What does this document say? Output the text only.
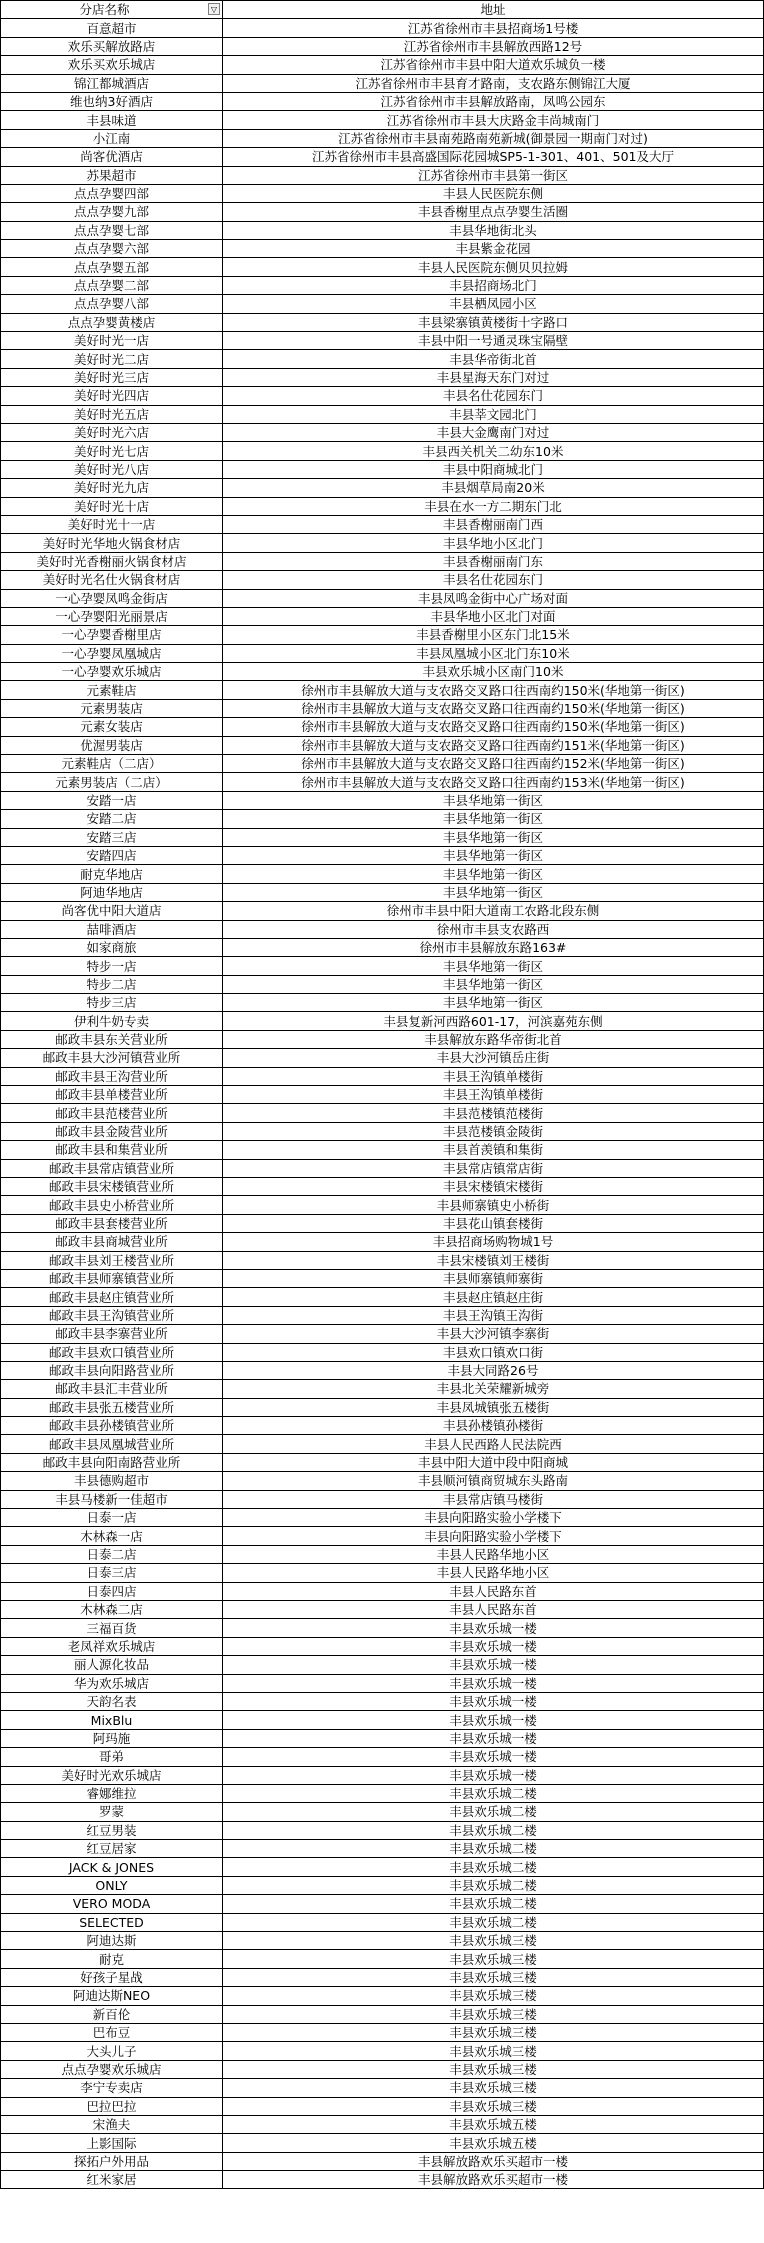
分店名称 ▽	地址
百意超市	江苏省徐州市丰县招商场1号楼
欢乐买解放路店	江苏省徐州市丰县解放西路12号
欢乐买欢乐城店	江苏省徐州市丰县中阳大道欢乐城负一楼
锦江都城酒店	江苏省徐州市丰县育才路南，支农路东侧锦江大厦
维也纳3好酒店	江苏省徐州市丰县解放路南，凤鸣公园东
丰县味道	江苏省徐州市丰县大庆路金丰尚城南门
小江南	江苏省徐州市丰县南苑路南苑新城(御景园一期南门对过)
尚客优酒店	江苏省徐州市丰县高盛国际花园城SP5-1-301、401、501及大厅
苏果超市	江苏省徐州市丰县第一街区
点点孕婴四部	丰县人民医院东侧
点点孕婴九部	丰县香榭里点点孕婴生活圈
点点孕婴七部	丰县华地街北头
点点孕婴六部	丰县紫金花园
点点孕婴五部	丰县人民医院东侧贝贝拉姆
点点孕婴二部	丰县招商场北门
点点孕婴八部	丰县栖凤园小区
点点孕婴黄楼店	丰县梁寨镇黄楼街十字路口
美好时光一店	丰县中阳一号通灵珠宝隔壁
美好时光二店	丰县华帝街北首
美好时光三店	丰县星海天东门对过
美好时光四店	丰县名仕花园东门
美好时光五店	丰县莘文园北门
美好时光六店	丰县大金鹰南门对过
美好时光七店	丰县西关机关二幼东10米
美好时光八店	丰县中阳商城北门
美好时光九店	丰县烟草局南20米
美好时光十店	丰县在水一方二期东门北
美好时光十一店	丰县香榭丽南门西
美好时光华地火锅食材店	丰县华地小区北门
美好时光香榭丽火锅食材店	丰县香榭丽南门东
美好时光名仕火锅食材店	丰县名仕花园东门
一心孕婴凤鸣金街店	丰县凤鸣金街中心广场对面
一心孕婴阳光丽景店	丰县华地小区北门对面
一心孕婴香榭里店	丰县香榭里小区东门北15米
一心孕婴凤凰城店	丰县凤凰城小区北门东10米
一心孕婴欢乐城店	丰县欢乐城小区南门10米
元素鞋店	徐州市丰县解放大道与支农路交叉路口往西南约150米(华地第一街区)
元素男装店	徐州市丰县解放大道与支农路交叉路口往西南约150米(华地第一街区)
元素女装店	徐州市丰县解放大道与支农路交叉路口往西南约150米(华地第一街区)
优渥男装店	徐州市丰县解放大道与支农路交叉路口往西南约151米(华地第一街区)
元素鞋店（二店）	徐州市丰县解放大道与支农路交叉路口往西南约152米(华地第一街区)
元素男装店（二店）	徐州市丰县解放大道与支农路交叉路口往西南约153米(华地第一街区)
安踏一店	丰县华地第一街区
安踏二店	丰县华地第一街区
安踏三店	丰县华地第一街区
安踏四店	丰县华地第一街区
耐克华地店	丰县华地第一街区
阿迪华地店	丰县华地第一街区
尚客优中阳大道店	徐州市丰县中阳大道南工农路北段东侧
喆啡酒店	徐州市丰县支农路西
如家商旅	徐州市丰县解放东路163#
特步一店	丰县华地第一街区
特步二店	丰县华地第一街区
特步三店	丰县华地第一街区
伊利牛奶专卖	丰县复新河西路601-17，河滨嘉苑东侧
邮政丰县东关营业所	丰县解放东路华帝街北首
邮政丰县大沙河镇营业所	丰县大沙河镇岳庄街
邮政丰县王沟营业所	丰县王沟镇单楼街
邮政丰县单楼营业所	丰县王沟镇单楼街
邮政丰县范楼营业所	丰县范楼镇范楼街
邮政丰县金陵营业所	丰县范楼镇金陵街
邮政丰县和集营业所	丰县首羡镇和集街
邮政丰县常店镇营业所	丰县常店镇常店街
邮政丰县宋楼镇营业所	丰县宋楼镇宋楼街
邮政丰县史小桥营业所	丰县师寨镇史小桥街
邮政丰县套楼营业所	丰县花山镇套楼街
邮政丰县商城营业所	丰县招商场购物城1号
邮政丰县刘王楼营业所	丰县宋楼镇刘王楼街
邮政丰县师寨镇营业所	丰县师寨镇师寨街
邮政丰县赵庄镇营业所	丰县赵庄镇赵庄街
邮政丰县王沟镇营业所	丰县王沟镇王沟街
邮政丰县李寨营业所	丰县大沙河镇李寨街
邮政丰县欢口镇营业所	丰县欢口镇欢口街
邮政丰县向阳路营业所	丰县大同路26号
邮政丰县汇丰营业所	丰县北关荣耀新城旁
邮政丰县张五楼营业所	丰县凤城镇张五楼街
邮政丰县孙楼镇营业所	丰县孙楼镇孙楼街
邮政丰县凤凰城营业所	丰县人民西路人民法院西
邮政丰县向阳南路营业所	丰县中阳大道中段中阳商城
丰县德购超市	丰县顺河镇商贸城东头路南
丰县马楼新一佳超市	丰县常店镇马楼街
日泰一店	丰县向阳路实验小学楼下
木林森一店	丰县向阳路实验小学楼下
日泰二店	丰县人民路华地小区
日泰三店	丰县人民路华地小区
日泰四店	丰县人民路东首
木林森二店	丰县人民路东首
三福百货	丰县欢乐城一楼
老凤祥欢乐城店	丰县欢乐城一楼
丽人源化妆品	丰县欢乐城一楼
华为欢乐城店	丰县欢乐城一楼
天韵名表	丰县欢乐城一楼
MixBlu	丰县欢乐城一楼
阿玛施	丰县欢乐城一楼
哥弟	丰县欢乐城一楼
美好时光欢乐城店	丰县欢乐城一楼
睿娜维拉	丰县欢乐城二楼
罗蒙	丰县欢乐城二楼
红豆男装	丰县欢乐城二楼
红豆居家	丰县欢乐城二楼
JACK & JONES	丰县欢乐城二楼
ONLY	丰县欢乐城二楼
VERO MODA	丰县欢乐城二楼
SELECTED	丰县欢乐城二楼
阿迪达斯	丰县欢乐城三楼
耐克	丰县欢乐城三楼
好孩子星战	丰县欢乐城三楼
阿迪达斯NEO	丰县欢乐城三楼
新百伦	丰县欢乐城三楼
巴布豆	丰县欢乐城三楼
大头儿子	丰县欢乐城三楼
点点孕婴欢乐城店	丰县欢乐城三楼
李宁专卖店	丰县欢乐城三楼
巴拉巴拉	丰县欢乐城三楼
宋渔夫	丰县欢乐城五楼
上影国际	丰县欢乐城五楼
探拓户外用品	丰县解放路欢乐买超市一楼
红米家居	丰县解放路欢乐买超市一楼
